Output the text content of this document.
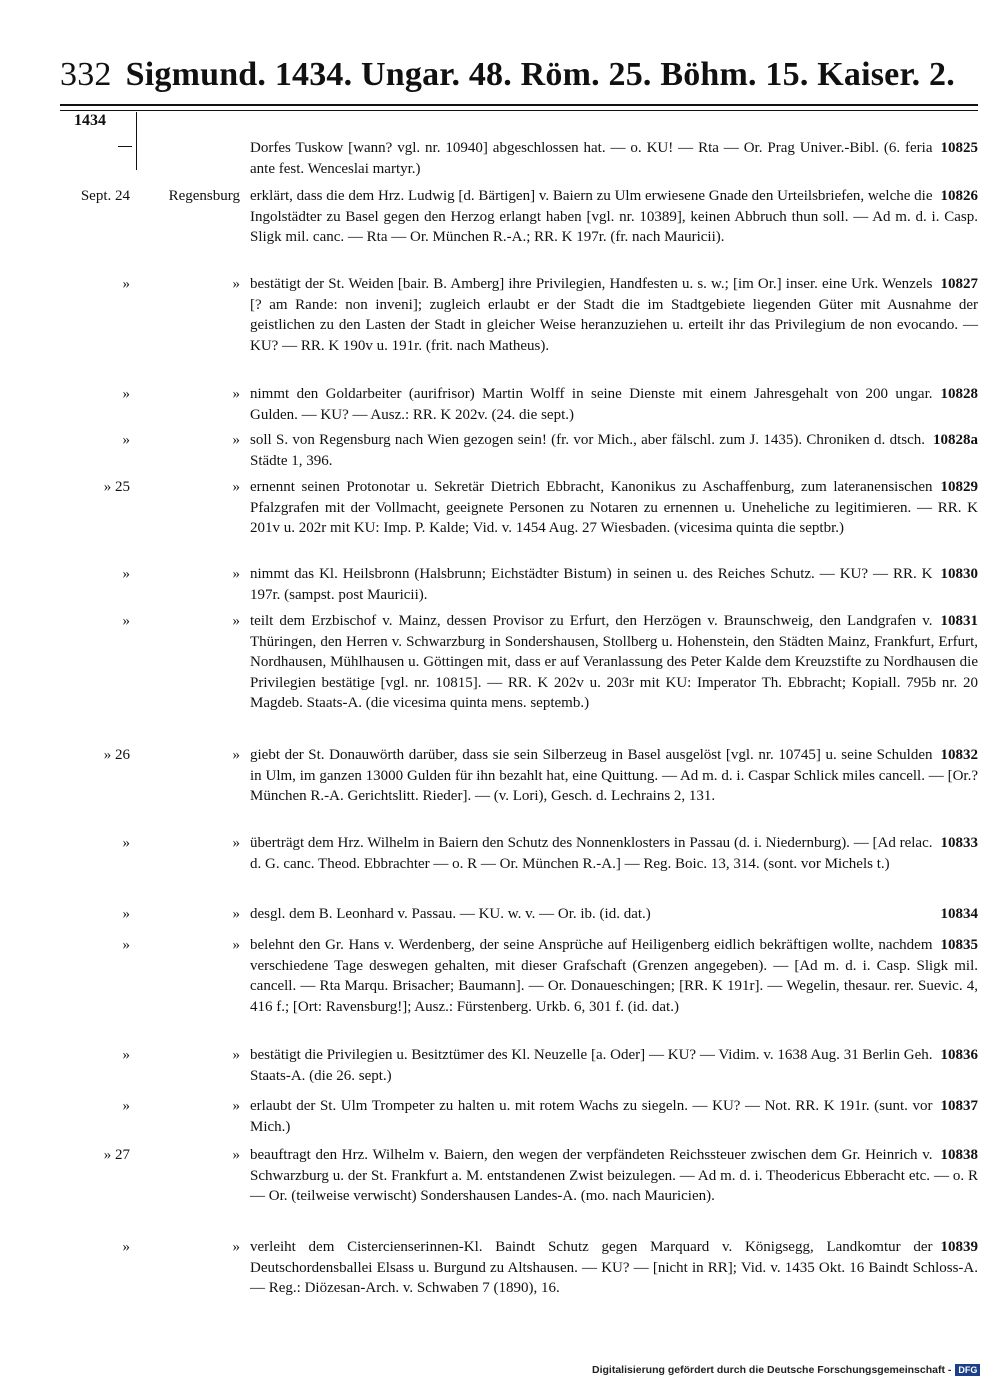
332 Sigmund. 1434. Ungar. 48. Röm. 25. Böhm. 15. Kaiser. 2.
1434
10825
Dorfes Tuskow [wann? vgl. nr. 10940] abgeschlossen hat. — o. KU! — Rta — Or. Prag Univer.-Bibl. (6. feria ante fest. Wenceslai martyr.)
Sept. 24	Regensburg	10826
erklärt, dass die dem Hrz. Ludwig [d. Bärtigen] v. Baiern zu Ulm erwiesene Gnade den Urteilsbriefen, welche die Ingolstädter zu Basel gegen den Herzog erlangt haben [vgl. nr. 10389], keinen Abbruch thun soll. — Ad m. d. i. Casp. Sligk mil. canc. — Rta — Or. München R.-A.; RR. K 197r. (fr. nach Mauricii).
»	»	10827
bestätigt der St. Weiden [bair. B. Amberg] ihre Privilegien, Handfesten u. s. w.; [im Or.] inser. eine Urk. Wenzels [? am Rande: non inveni]; zugleich erlaubt er der Stadt die im Stadtgebiete liegenden Güter mit Ausnahme der geistlichen zu den Lasten der Stadt in gleicher Weise heranzuziehen u. erteilt ihr das Privilegium de non evocando. — KU? — RR. K 190v u. 191r. (frit. nach Matheus).
»	»	10828
nimmt den Goldarbeiter (aurifrisor) Martin Wolff in seine Dienste mit einem Jahresgehalt von 200 ungar. Gulden. — KU? — Ausz.: RR. K 202v. (24. die sept.)
»	»	10828a
soll S. von Regensburg nach Wien gezogen sein! (fr. vor Mich., aber fälschl. zum J. 1435). Chroniken d. dtsch. Städte 1, 396.
» 25	»	10829
ernennt seinen Protonotar u. Sekretär Dietrich Ebbracht, Kanonikus zu Aschaffenburg, zum lateranensischen Pfalzgrafen mit der Vollmacht, geeignete Personen zu Notaren zu ernennen u. Uneheliche zu legitimieren. — RR. K 201v u. 202r mit KU: Imp. P. Kalde; Vid. v. 1454 Aug. 27 Wiesbaden. (vicesima quinta die septbr.)
»	»	10830
nimmt das Kl. Heilsbronn (Halsbrunn; Eichstädter Bistum) in seinen u. des Reiches Schutz. — KU? — RR. K 197r. (sampst. post Mauricii).
»	»	10831
teilt dem Erzbischof v. Mainz, dessen Provisor zu Erfurt, den Herzögen v. Braunschweig, den Landgrafen v. Thüringen, den Herren v. Schwarzburg in Sondershausen, Stollberg u. Hohenstein, den Städten Mainz, Frankfurt, Erfurt, Nordhausen, Mühlhausen u. Göttingen mit, dass er auf Veranlassung des Peter Kalde dem Kreuzstifte zu Nordhausen die Privilegien bestätige [vgl. nr. 10815]. — RR. K 202v u. 203r mit KU: Imperator Th. Ebbracht; Kopiall. 795b nr. 20 Magdeb. Staats-A. (die vicesima quinta mens. septemb.)
» 26	»	10832
giebt der St. Donauwörth darüber, dass sie sein Silberzeug in Basel ausgelöst [vgl. nr. 10745] u. seine Schulden in Ulm, im ganzen 13000 Gulden für ihn bezahlt hat, eine Quittung. — Ad m. d. i. Caspar Schlick miles cancell. — [Or.? München R.-A. Gerichtslitt. Rieder]. — (v. Lori), Gesch. d. Lechrains 2, 131.
»	»	10833
überträgt dem Hrz. Wilhelm in Baiern den Schutz des Nonnenklosters in Passau (d. i. Niedernburg). — [Ad relac. d. G. canc. Theod. Ebbrachter — o. R — Or. München R.-A.] — Reg. Boic. 13, 314. (sont. vor Michels t.)
»	»	10834
desgl. dem B. Leonhard v. Passau. — KU. w. v. — Or. ib. (id. dat.)
»	»	10835
belehnt den Gr. Hans v. Werdenberg, der seine Ansprüche auf Heiligenberg eidlich bekräftigen wollte, nachdem verschiedene Tage deswegen gehalten, mit dieser Grafschaft (Grenzen angegeben). — [Ad m. d. i. Casp. Sligk mil. cancell. — Rta Marqu. Brisacher; Baumann]. — Or. Donaueschingen; [RR. K 191r]. — Wegelin, thesaur. rer. Suevic. 4, 416 f.; [Ort: Ravensburg!]; Ausz.: Fürstenberg. Urkb. 6, 301 f. (id. dat.)
»	»	10836
bestätigt die Privilegien u. Besitztümer des Kl. Neuzelle [a. Oder] — KU? — Vidim. v. 1638 Aug. 31 Berlin Geh. Staats-A. (die 26. sept.)
»	»	10837
erlaubt der St. Ulm Trompeter zu halten u. mit rotem Wachs zu siegeln. — KU? — Not. RR. K 191r. (sunt. vor Mich.)
» 27	»	10838
beauftragt den Hrz. Wilhelm v. Baiern, den wegen der verpfändeten Reichssteuer zwischen dem Gr. Heinrich v. Schwarzburg u. der St. Frankfurt a. M. entstandenen Zwist beizulegen. — Ad m. d. i. Theodericus Ebberacht etc. — o. R — Or. (teilweise verwischt) Sondershausen Landes-A. (mo. nach Mauricien).
»	»	10839
verleiht dem Cistercienserinnen-Kl. Baindt Schutz gegen Marquard v. Königsegg, Landkomtur der Deutschordensballei Elsass u. Burgund zu Altshausen. — KU? — [nicht in RR]; Vid. v. 1435 Okt. 16 Baindt Schloss-A. — Reg.: Diözesan-Arch. v. Schwaben 7 (1890), 16.
Digitalisierung gefördert durch die Deutsche Forschungsgemeinschaft - DFG
